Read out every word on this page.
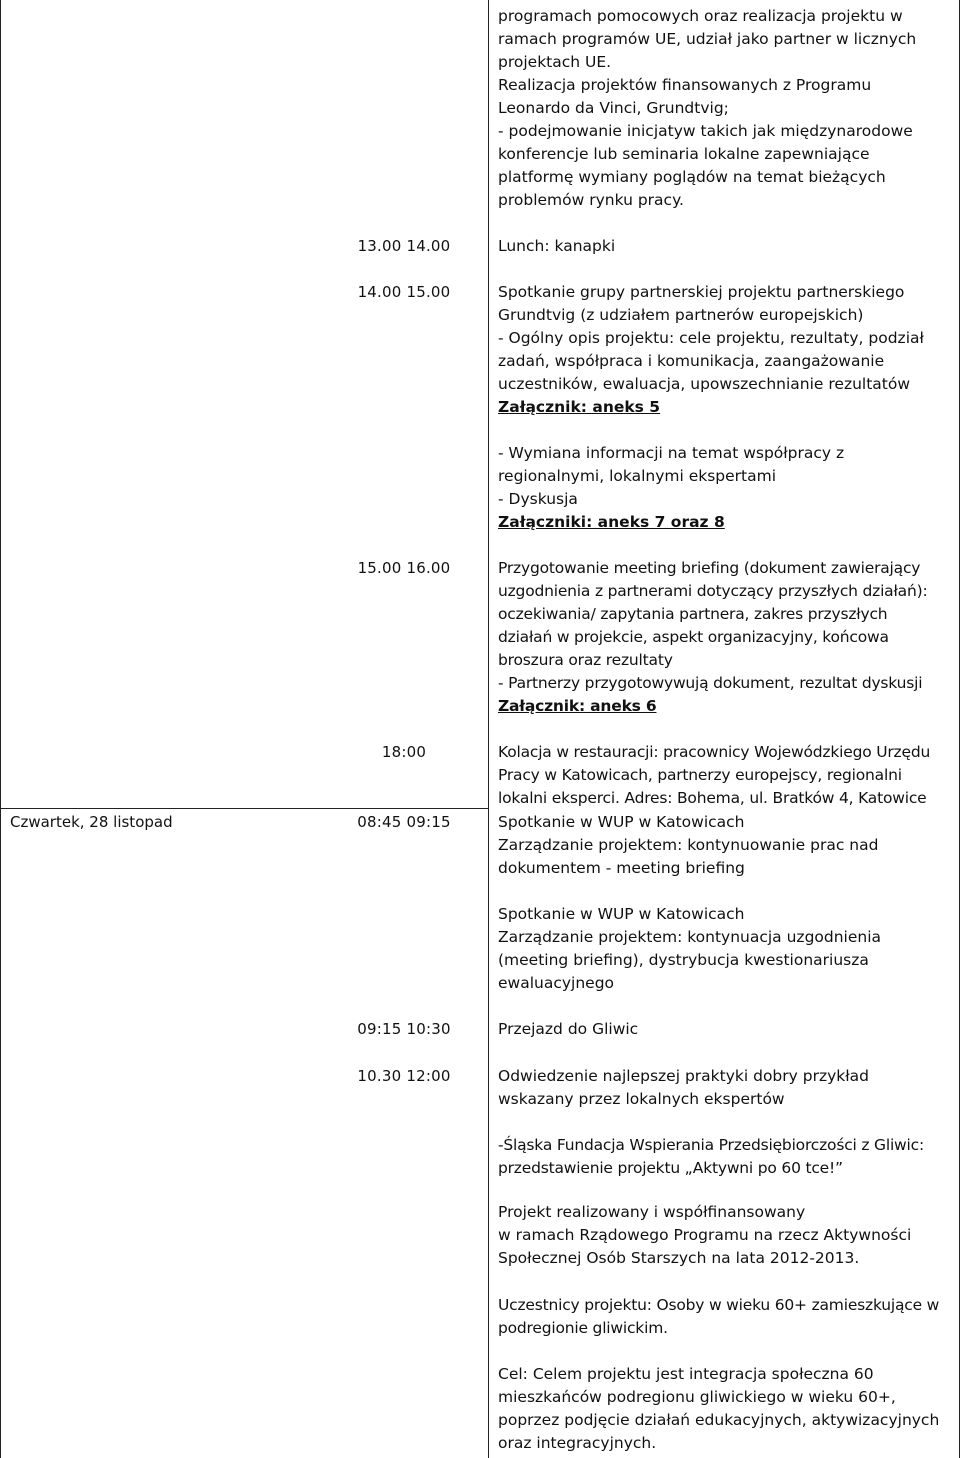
programach pomocowych oraz realizacja projektu w
ramach programów UE, udział jako partner w licznych
projektach UE.
Realizacja projektów finansowanych z Programu
Leonardo da Vinci, Grundtvig;
- podejmowanie inicjatyw takich jak międzynarodowe
konferencje lub seminaria lokalne zapewniające
platformę wymiany poglądów na temat bieżących
problemów rynku pracy.
13.00 14.00	Lunch: kanapki
14.00 15.00	Spotkanie grupy partnerskiej projektu partnerskiego
Grundtvig (z udziałem partnerów europejskich)
- Ogólny opis projektu: cele projektu, rezultaty, podział
zadań, współpraca i komunikacja, zaangażowanie
uczestników, ewaluacja, upowszechnianie rezultatów
Załącznik: aneks 5
- Wymiana informacji na temat współpracy z
regionalnymi, lokalnymi ekspertami
- Dyskusja
Załączniki: aneks 7 oraz 8
15.00 16.00	Przygotowanie meeting briefing (dokument zawierający
uzgodnienia z partnerami dotyczący przyszłych działań):
oczekiwania/ zapytania partnera, zakres przyszłych
działań w projekcie, aspekt organizacyjny, końcowa
broszura oraz rezultaty
- Partnerzy przygotowywują dokument, rezultat dyskusji
Załącznik: aneks 6
18:00	Kolacja w restauracji: pracownicy Wojewódzkiego Urzędu
Pracy w Katowicach, partnerzy europejscy, regionalni
lokalni eksperci. Adres: Bohema, ul. Bratków 4, Katowice
Czwartek, 28 listopad	08:45 09:15	Spotkanie w WUP w Katowicach
Zarządzanie projektem: kontynuowanie prac nad
dokumentem - meeting briefing
Spotkanie w WUP w Katowicach
Zarządzanie projektem: kontynuacja uzgodnienia
(meeting briefing), dystrybucja kwestionariusza
ewaluacyjnego
09:15 10:30	Przejazd do Gliwic
10.30 12:00	Odwiedzenie najlepszej praktyki dobry przykład
wskazany przez lokalnych ekspertów
-Śląska Fundacja Wspierania Przedsiębiorczości z Gliwic:
przedstawienie projektu „Aktywni po 60 tce!”
Projekt realizowany i współfinansowany
w ramach Rządowego Programu na rzecz Aktywności
Społecznej Osób Starszych na lata 2012-2013.
Uczestnicy projektu: Osoby w wieku 60+ zamieszkujące w
podregionie gliwickim.
Cel: Celem projektu jest integracja społeczna 60
mieszkańców podregionu gliwickiego w wieku 60+,
poprzez podjęcie działań edukacyjnych, aktywizacyjnych
oraz integracyjnych.
